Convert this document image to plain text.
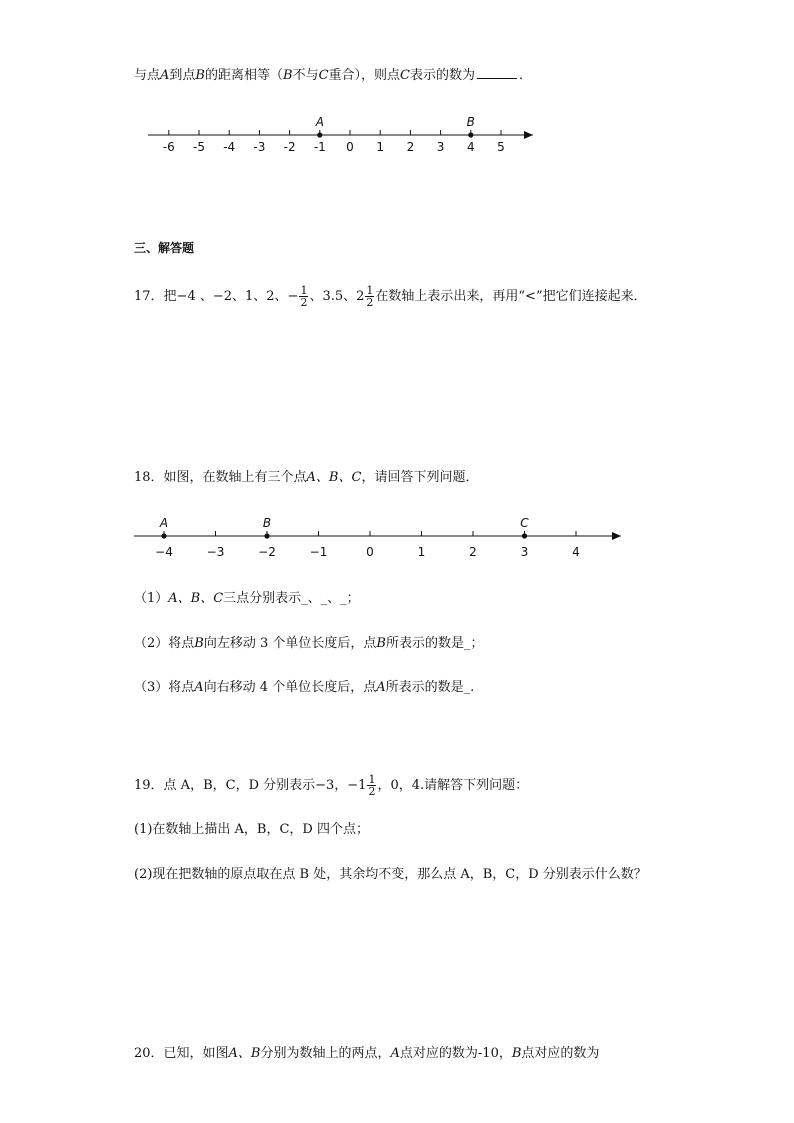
与点A到点B的距离相等（B不与C重合），则点C表示的数为	．
-6 -5 -4 -3 -2 -1 0 1 2 3 4 5
A	B
三、解答题
17．把−4 、−2、1、2、− $\frac{1}{2}$ 、3.5、$2 \frac{1}{2}$ 在数轴上表示出来，再用“<”把它们连接起来．
18．如图，在数轴上有三个点A、B、C，请回答下列问题．
−4	−3	−2	−1	0	1	2	3	4
A	B	C
（1）A、B、C三点分别表示_、_、_；
（2）将点B向左移动 3 个单位长度后，点B所表示的数是_；
（3）将点A向右移动 4 个单位长度后，点A所表示的数是_.
19．点 A，B，C，D 分别表示−3，$-1 \frac{1}{2}$ ，0，4.请解答下列问题：
(1)在数轴上描出 A，B，C，D 四个点；
(2)现在把数轴的原点取在点 B 处，其余均不变，那么点 A，B，C，D 分别表示什么数？
20．已知，如图A、B分别为数轴上的两点，A点对应的数为-10，B点对应的数为
